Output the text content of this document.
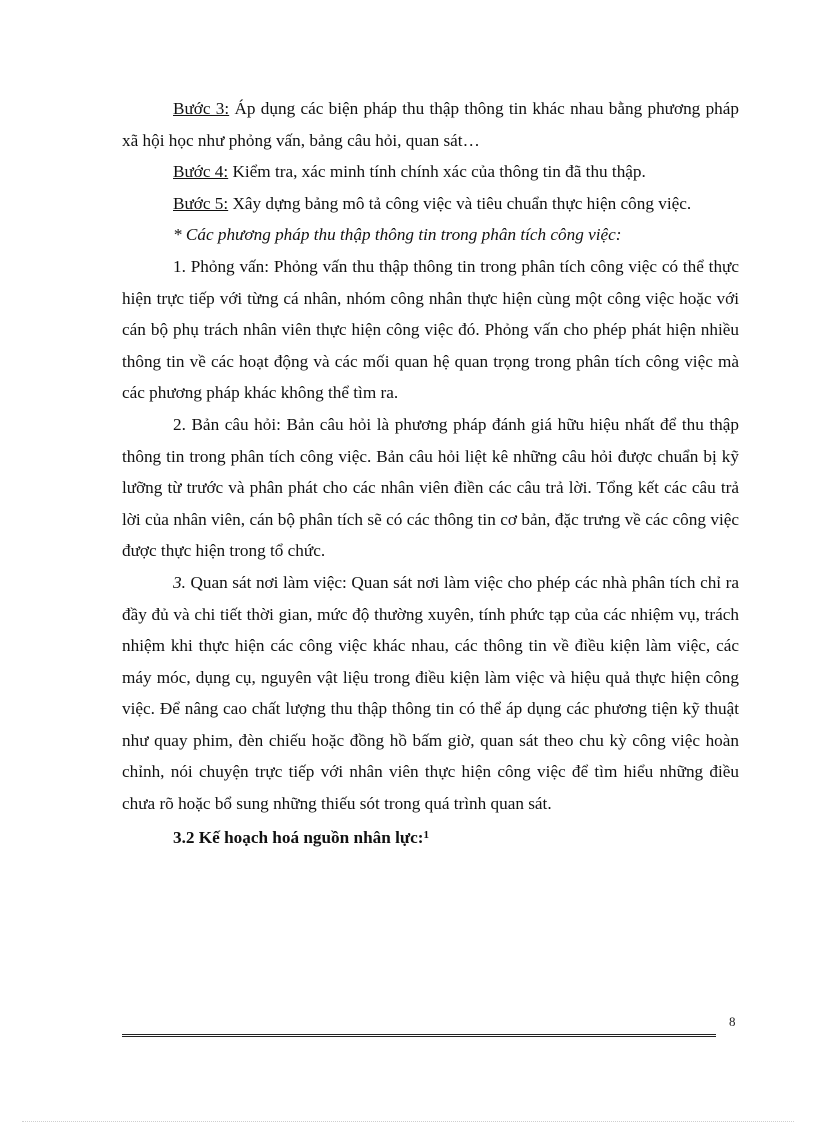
Bước 3: Áp dụng các biện pháp thu thập thông tin khác nhau bằng phương pháp xã hội học như phỏng vấn, bảng câu hỏi, quan sát…

Bước 4: Kiểm tra, xác minh tính chính xác của thông tin đã thu thập.

Bước 5: Xây dựng bảng mô tả công việc và tiêu chuẩn thực hiện công việc.

* Các phương pháp thu thập thông tin trong phân tích công việc:

1. Phỏng vấn: Phỏng vấn thu thập thông tin trong phân tích công việc có thể thực hiện trực tiếp với từng cá nhân, nhóm công nhân thực hiện cùng một công việc hoặc với cán bộ phụ trách nhân viên thực hiện công việc đó. Phỏng vấn cho phép phát hiện nhiều thông tin về các hoạt động và các mối quan hệ quan trọng trong phân tích công việc mà các phương pháp khác không thể tìm ra.

2. Bản câu hỏi: Bản câu hỏi là phương pháp đánh giá hữu hiệu nhất để thu thập thông tin trong phân tích công việc. Bản câu hỏi liệt kê những câu hỏi được chuẩn bị kỹ lưỡng từ trước và phân phát cho các nhân viên điền các câu trả lời. Tổng kết các câu trả lời của nhân viên, cán bộ phân tích sẽ có các thông tin cơ bản, đặc trưng về các công việc được thực hiện trong tổ chức.

3. Quan sát nơi làm việc: Quan sát nơi làm việc cho phép các nhà phân tích chỉ ra đầy đủ và chi tiết thời gian, mức độ thường xuyên, tính phức tạp của các nhiệm vụ, trách nhiệm khi thực hiện các công việc khác nhau, các thông tin về điều kiện làm việc, các máy móc, dụng cụ, nguyên vật liệu trong điều kiện làm việc và hiệu quả thực hiện công việc. Để nâng cao chất lượng thu thập thông tin có thể áp dụng các phương tiện kỹ thuật như quay phim, đèn chiếu hoặc đồng hồ bấm giờ, quan sát theo chu kỳ công việc hoàn chỉnh, nói chuyện trực tiếp với nhân viên thực hiện công việc để tìm hiểu những điều chưa rõ hoặc bổ sung những thiếu sót trong quá trình quan sát.

3.2 Kế hoạch hoá nguồn nhân lực:$^1$

8
